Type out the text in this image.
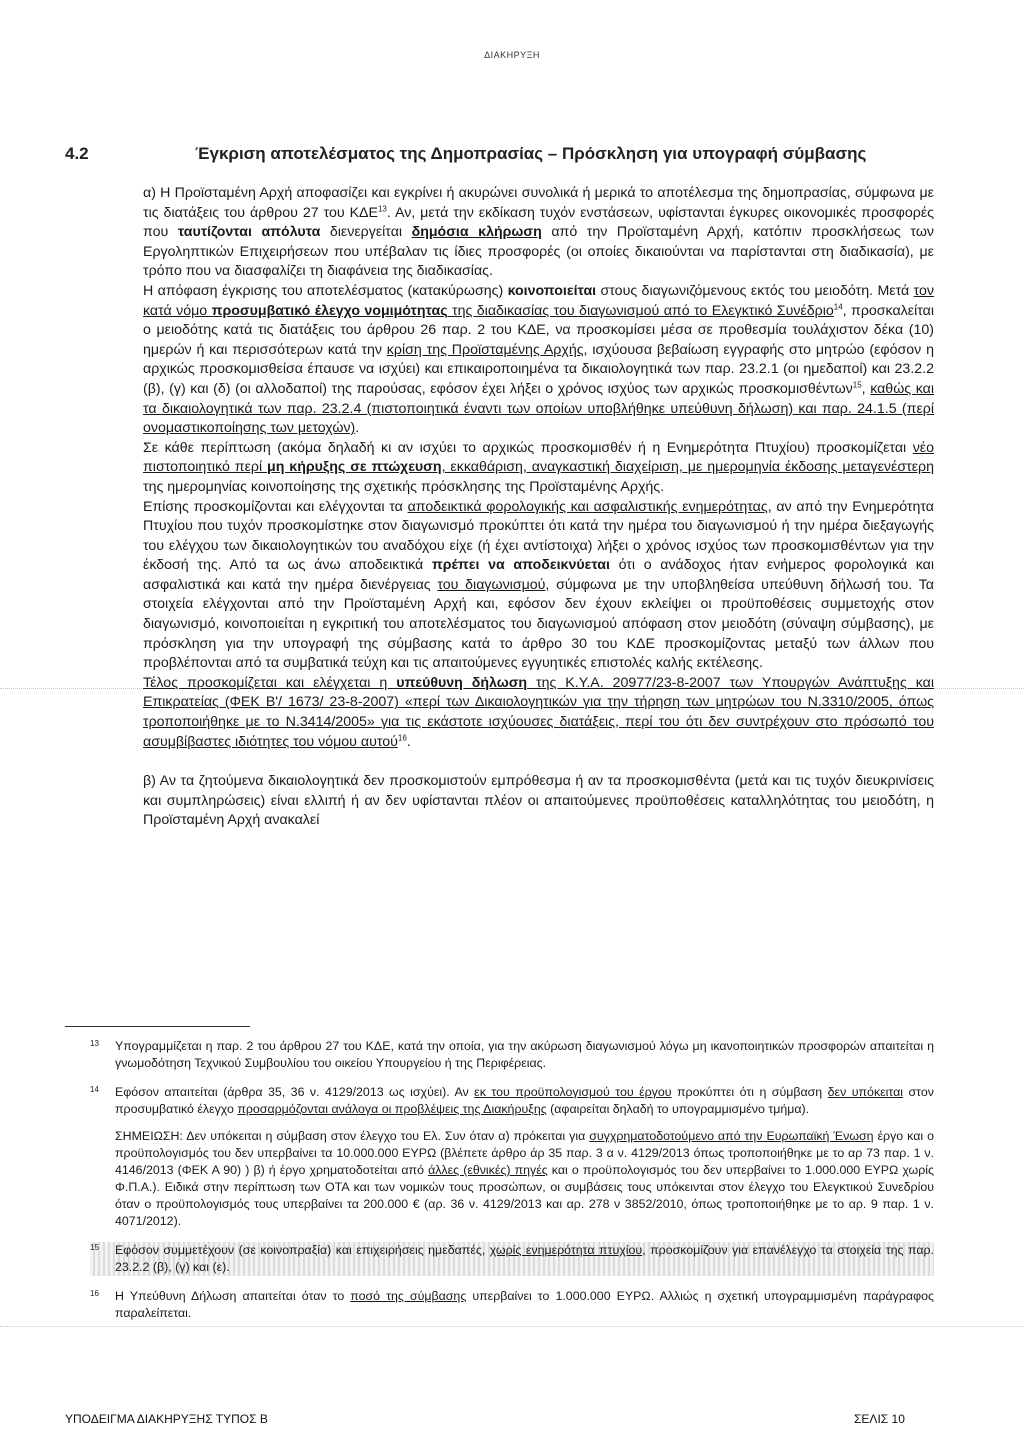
ΔΙΑΚΗΡΥΞΗ
4.2	Έγκριση αποτελέσματος της Δημοπρασίας – Πρόσκληση για υπογραφή σύμβασης

α) Η Προϊσταμένη Αρχή αποφασίζει και εγκρίνει ή ακυρώνει συνολικά ή μερικά το αποτέλεσμα της δημοπρασίας, σύμφωνα με τις διατάξεις του άρθρου 27 του ΚΔΕ$^{13}$. Αν, μετά την εκδίκαση τυχόν ενστάσεων, υφίστανται έγκυρες οικονομικές προσφορές που ταυτίζονται απόλυτα διενεργείται δημόσια κλήρωση από την Προϊσταμένη Αρχή, κατόπιν προσκλήσεως των Εργοληπτικών Επιχειρήσεων που υπέβαλαν τις ίδιες προσφορές (οι οποίες δικαιούνται να παρίστανται στη διαδικασία), με τρόπο που να διασφαλίζει τη διαφάνεια της διαδικασίας.

Η απόφαση έγκρισης του αποτελέσματος (κατακύρωσης) κοινοποιείται στους διαγωνιζόμενους εκτός του μειοδότη. Μετά τον κατά νόμο προσυμβατικό έλεγχο νομιμότητας της διαδικασίας του διαγωνισμού από το Ελεγκτικό Συνέδριο$^{14}$, προσκαλείται ο μειοδότης κατά τις διατάξεις του άρθρου 26 παρ. 2 του ΚΔΕ, να προσκομίσει μέσα σε προθεσμία τουλάχιστον δέκα (10) ημερών ή και περισσότερων κατά την κρίση της Προϊσταμένης Αρχής, ισχύουσα βεβαίωση εγγραφής στο μητρώο (εφόσον η αρχικώς προσκομισθείσα έπαυσε να ισχύει) και επικαιροποιημένα τα δικαιολογητικά των παρ. 23.2.1 (οι ημεδαποί) και 23.2.2 (β), (γ) και (δ) (οι αλλοδαποί) της παρούσας, εφόσον έχει λήξει ο χρόνος ισχύος των αρχικώς προσκομισθέντων$^{15}$, καθώς και τα δικαιολογητικά των παρ. 23.2.4 (πιστοποιητικά έναντι των οποίων υποβλήθηκε υπεύθυνη δήλωση) και παρ. 24.1.5 (περί ονομαστικοποίησης των μετοχών).

Σε κάθε περίπτωση (ακόμα δηλαδή κι αν ισχύει το αρχικώς προσκομισθέν ή η Ενημερότητα Πτυχίου) προσκομίζεται νέο πιστοποιητικό περί μη κήρυξης σε πτώχευση, εκκαθάριση, αναγκαστική διαχείριση, με ημερομηνία έκδοσης μεταγενέστερη της ημερομηνίας κοινοποίησης της σχετικής πρόσκλησης της Προϊσταμένης Αρχής.

Επίσης προσκομίζονται και ελέγχονται τα αποδεικτικά φορολογικής και ασφαλιστικής ενημερότητας, αν από την Ενημερότητα Πτυχίου που τυχόν προσκομίστηκε στον διαγωνισμό προκύπτει ότι κατά την ημέρα του διαγωνισμού ή την ημέρα διεξαγωγής του ελέγχου των δικαιολογητικών του αναδόχου είχε (ή έχει αντίστοιχα) λήξει ο χρόνος ισχύος των προσκομισθέντων για την έκδοσή της. Από τα ως άνω αποδεικτικά πρέπει να αποδεικνύεται ότι ο ανάδοχος ήταν ενήμερος φορολογικά και ασφαλιστικά και κατά την ημέρα διενέργειας του διαγωνισμού, σύμφωνα με την υποβληθείσα υπεύθυνη δήλωσή του. Τα στοιχεία ελέγχονται από την Προϊσταμένη Αρχή και, εφόσον δεν έχουν εκλείψει οι προϋποθέσεις συμμετοχής στον διαγωνισμό, κοινοποιείται η εγκριτική του αποτελέσματος του διαγωνισμού απόφαση στον μειοδότη (σύναψη σύμβασης), με πρόσκληση για την υπογραφή της σύμβασης κατά το άρθρο 30 του ΚΔΕ προσκομίζοντας μεταξύ των άλλων που προβλέπονται από τα συμβατικά τεύχη και τις απαιτούμενες εγγυητικές επιστολές καλής εκτέλεσης.

Τέλος προσκομίζεται και ελέγχεται η υπεύθυνη δήλωση της Κ.Υ.Α. 20977/23-8-2007 των Υπουργών Ανάπτυξης και Επικρατείας (ΦΕΚ Β'/ 1673/ 23-8-2007) «περί των Δικαιολογητικών για την τήρηση των μητρώων του Ν.3310/2005, όπως τροποποιήθηκε με το Ν.3414/2005» για τις εκάστοτε ισχύουσες διατάξεις, περί του ότι δεν συντρέχουν στο πρόσωπό του ασυμβίβαστες ιδιότητες του νόμου αυτού$^{16}$.

β) Αν τα ζητούμενα δικαιολογητικά δεν προσκομιστούν εμπρόθεσμα ή αν τα προσκομισθέντα (μετά και τις τυχόν διευκρινίσεις και συμπληρώσεις) είναι ελλιπή ή αν δεν υφίστανται πλέον οι απαιτούμενες προϋποθέσεις καταλληλότητας του μειοδότη, η Προϊσταμένη Αρχή ανακαλεί

13 Υπογραμμίζεται η παρ. 2 του άρθρου 27 του ΚΔΕ, κατά την οποία, για την ακύρωση διαγωνισμού λόγω μη ικανοποιητικών προσφορών απαιτείται η γνωμοδότηση Τεχνικού Συμβουλίου του οικείου Υπουργείου ή της Περιφέρειας.

14 Εφόσον απαιτείται (άρθρα 35, 36 ν. 4129/2013 ως ισχύει). Αν εκ του προϋπολογισμού του έργου προκύπτει ότι η σύμβαση δεν υπόκειται στον προσυμβατικό έλεγχο προσαρμόζονται ανάλογα οι προβλέψεις της Διακήρυξης (αφαιρείται δηλαδή το υπογραμμισμένο τμήμα).

ΣΗΜΕΙΩΣΗ: Δεν υπόκειται η σύμβαση στον έλεγχο του Ελ. Συν όταν α) πρόκειται για συγχρηματοδοτούμενο από την Ευρωπαϊκή Ένωση έργο και ο προϋπολογισμός του δεν υπερβαίνει τα 10.000.000 ΕΥΡΩ (βλέπετε άρθρο άρ 35 παρ. 3 α ν. 4129/2013 όπως τροποποιήθηκε με το αρ 73 παρ. 1 ν. 4146/2013 (ΦΕΚ Α 90) ) β) ή έργο χρηματοδοτείται από άλλες (εθνικές) πηγές και ο προϋπολογισμός του δεν υπερβαίνει το 1.000.000 ΕΥΡΩ χωρίς Φ.Π.Α.). Ειδικά στην περίπτωση των ΟΤΑ και των νομικών τους προσώπων, οι συμβάσεις τους υπόκεινται στον έλεγχο του Ελεγκτικού Συνεδρίου όταν ο προϋπολογισμός τους υπερβαίνει τα 200.000 € (αρ. 36 ν. 4129/2013 και αρ. 278 ν 3852/2010, όπως τροποποιήθηκε με το αρ. 9 παρ. 1 ν. 4071/2012).

15 Εφόσον συμμετέχουν (σε κοινοπραξία) και επιχειρήσεις ημεδαπές, χωρίς ενημερότητα πτυχίου, προσκομίζουν για επανέλεγχο τα στοιχεία της παρ. 23.2.2 (β), (γ) και (ε).

16 Η Υπεύθυνη Δήλωση απαιτείται όταν το ποσό της σύμβασης υπερβαίνει το 1.000.000 ΕΥΡΩ. Αλλιώς η σχετική υπογραμμισμένη παράγραφος παραλείπεται.

ΥΠΟΔΕΙΓΜΑ ΔΙΑΚΗΡΥΞΗΣ ΤΥΠΟΣ Β	ΣΕΛΙΣ 10
